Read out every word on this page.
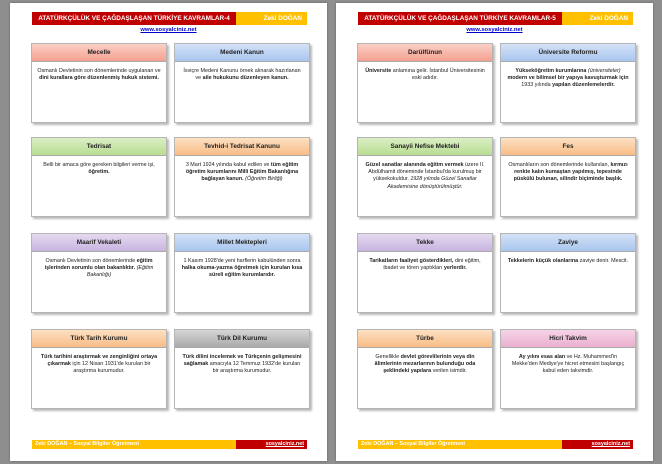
ATATÜRKÇÜLÜK VE ÇAĞDAŞLAŞAN TÜRKİYE KAVRAMLAR-4	Zeki DOĞAN
www.sosyalciniz.net
Mecelle
Osmanlı Devletinin son dönemlerinde uygulanan ve dini kurallara göre düzenlenmiş hukuk sistemi.
Medeni Kanun
İsviçre Medeni Kanunu örnek alınarak hazırlanan ve aile hukukunu düzenleyen kanun.
Tedrisat
Belli bir amaca göre gereken bilgileri verme işi, öğretim.
Tevhid-i Tedrisat Kanunu
3 Mart 1924 yılında kabul edilen ve tüm eğitim öğretim kurumlarını Milli Eğitim Bakanlığına bağlayan kanun. (Öğretim Birliği)
Maarif Vekaleti
Osmanlı Devletinin son dönemlerinde eğitim işlerinden sorumlu olan bakanlıktır. (Eğitim Bakanlığı)
Millet Mektepleri
1 Kasım 1928'de yeni harflerin kabulünden sonra halka okuma-yazma öğretmek için kurulan kısa süreli eğitim kurumlarıdır.
Türk Tarih Kurumu
Türk tarihini araştırmak ve zenginliğini ortaya çıkarmak için 12 Nisan 1931'de kurulan bir araştırma kurumudur.
Türk Dil Kurumu
Türk dilini incelemek ve Türkçenin gelişmesini sağlamak amacıyla 12 Temmuz 1932'de kurulan bir araştırma kurumudur.
Zeki DOĞAN – Sosyal Bilgiler Öğretmeni	sosyalciniz.net
ATATÜRKÇÜLÜK VE ÇAĞDAŞLAŞAN TÜRKİYE KAVRAMLAR-5	Zeki DOĞAN
www.sosyalciniz.net
Darülfünun
Üniversite anlamına gelir. İstanbul Üniversitesinin eski adıdır.
Üniversite Reformu
Yükseköğretim kurumlarına (üniversiteler) modern ve bilimsel bir yapıya kavuşturmak için 1933 yılında yapılan düzenlemelerdir.
Sanayii Nefise Mektebi
Güzel sanatlar alanında eğitim vermek üzere II. Abdülhamit döneminde İstanbul'da kurulmuş bir yüksekokuldur. 1928 yılında Güzel Sanatlar Akademisine dönüştürülmüştür.
Fes
Osmanlıların son dönemlerinde kullanılan, kırmızı renkte kalın kumaştan yapılmış, tepesinde püskülü bulunan, silindir biçiminde başlık.
Tekke
Tarikatların faaliyet gösterdikleri, dini eğitim, ibadet ve tören yaptıkları yerlerdir.
Zaviye
Tekkelerin küçük olanlarına zaviye denir. Mescit.
Türbe
Genellikle devlet görevlilerinin veya din âlimlerinin mezarlarının bulunduğu oda şeklindeki yapılara verilen isimdir.
Hicri Takvim
Ay yılını esas alan ve Hz. Muhammed'in Mekke'den Mediye'ye hicret etmesini başlangıç kabul eden takvimdir.
Zeki DOĞAN – Sosyal Bilgiler Öğretmeni	sosyalciniz.net
